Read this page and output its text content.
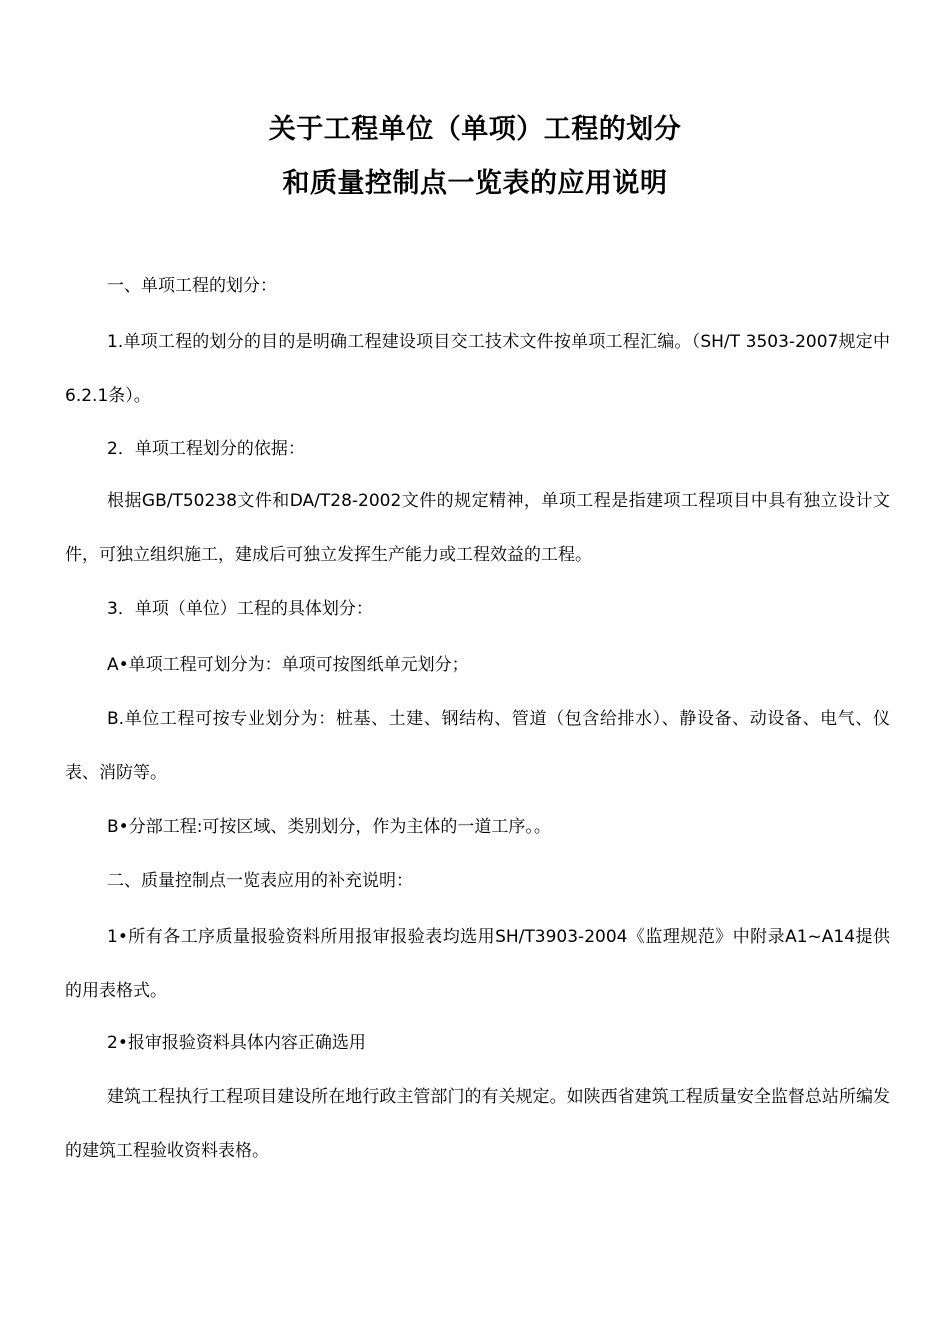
关于工程单位（单项）工程的划分
和质量控制点一览表的应用说明
一、单项工程的划分：
1.单项工程的划分的目的是明确工程建设项目交工技术文件按单项工程汇编。（SH/T 3503-2007规定中6.2.1条）。
2．单项工程划分的依据：
根据GB/T50238文件和DA/T28-2002文件的规定精神，单项工程是指建项工程项目中具有独立设计文件，可独立组织施工，建成后可独立发挥生产能力或工程效益的工程。
3．单项（单位）工程的具体划分：
A•单项工程可划分为：单项可按图纸单元划分；
B.单位工程可按专业划分为：桩基、土建、钢结构、管道（包含给排水）、静设备、动设备、电气、仪表、消防等。
B•分部工程:可按区域、类别划分，作为主体的一道工序。。
二、质量控制点一览表应用的补充说明：
1•所有各工序质量报验资料所用报审报验表均选用SH/T3903-2004《监理规范》中附录A1~A14提供的用表格式。
2•报审报验资料具体内容正确选用
建筑工程执行工程项目建设所在地行政主管部门的有关规定。如陕西省建筑工程质量安全监督总站所编发的建筑工程验收资料表格。
